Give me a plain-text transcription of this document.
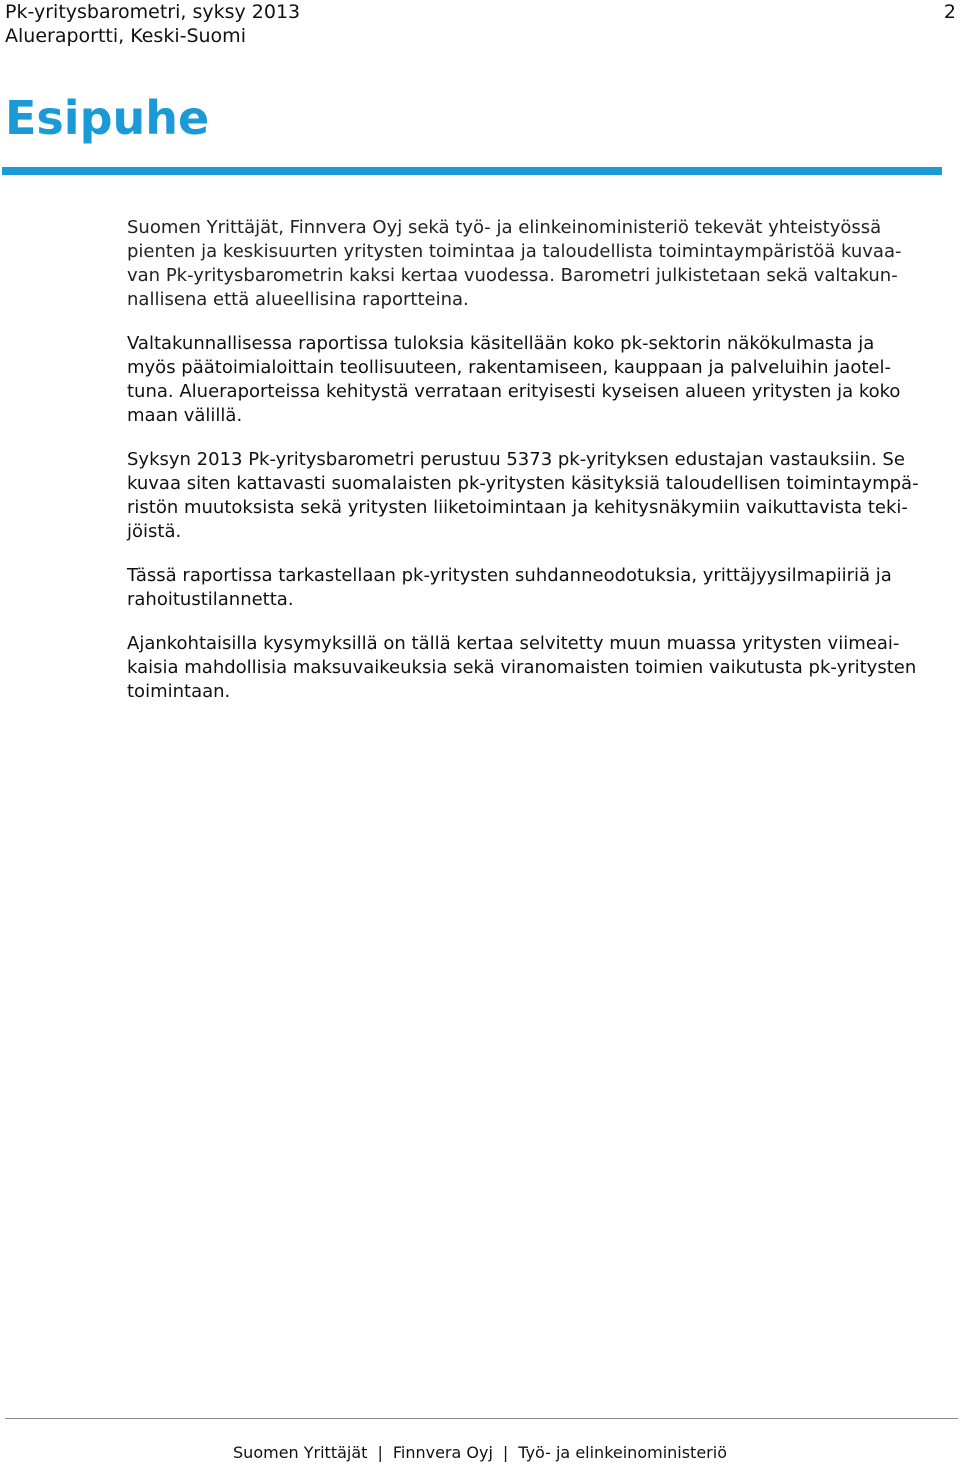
Pk-yritysbarometri, syksy 2013
Alueraportti, Keski-Suomi
2
Esipuhe

Suomen Yrittäjät, Finnvera Oyj sekä työ- ja elinkeinoministeriö tekevät yhteistyössä
pienten ja keskisuurten yritysten toimintaa ja taloudellista toimintaympäristöä kuvaa-
van Pk-yritysbarometrin kaksi kertaa vuodessa. Barometri julkistetaan sekä valtakun-
nallisena että alueellisina raportteina.

Valtakunnallisessa raportissa tuloksia käsitellään koko pk-sektorin näkökulmasta ja
myös päätoimialoittain teollisuuteen, rakentamiseen, kauppaan ja palveluihin jaotel-
tuna. Alueraporteissa kehitystä verrataan erityisesti kyseisen alueen yritysten ja koko
maan välillä.

Syksyn 2013 Pk-yritysbarometri perustuu 5373 pk-yrityksen edustajan vastauksiin. Se
kuvaa siten kattavasti suomalaisten pk-yritysten käsityksiä taloudellisen toimintaympä-
ristön muutoksista sekä yritysten liiketoimintaan ja kehitysnäkymiin vaikuttavista teki-
jöistä.

Tässä raportissa tarkastellaan pk-yritysten suhdanneodotuksia, yrittäjyysilmapiiriä ja
rahoitustilannetta.

Ajankohtaisilla kysymyksillä on tällä kertaa selvitetty muun muassa yritysten viimeai-
kaisia mahdollisia maksuvaikeuksia sekä viranomaisten toimien vaikutusta pk-yritysten
toimintaan.

Suomen Yrittäjät | Finnvera Oyj | Työ- ja elinkeinoministeriö
